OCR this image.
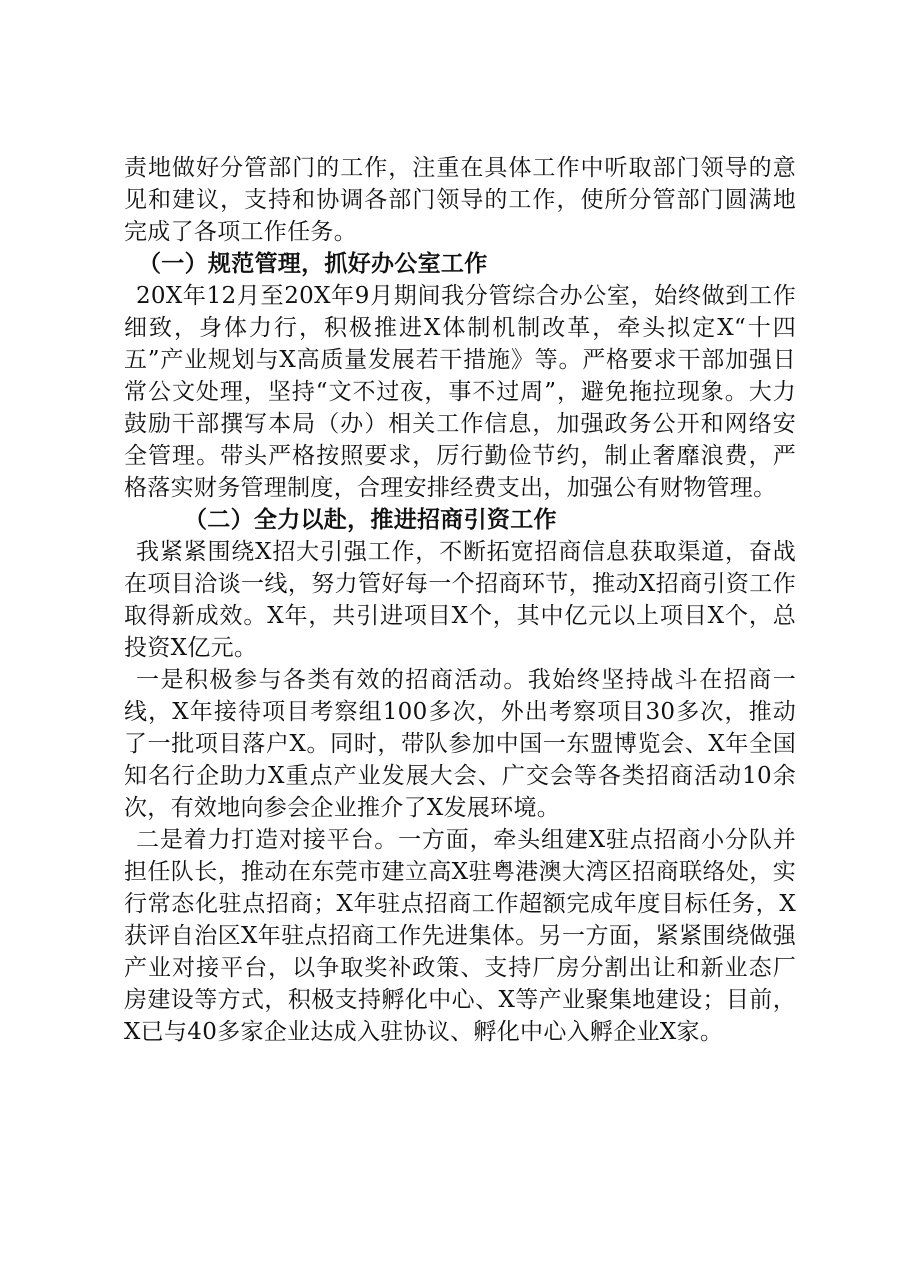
责地做好分管部门的工作，注重在具体工作中听取部门领导的意见和建议，支持和协调各部门领导的工作，使所分管部门圆满地完成了各项工作任务。

（一）规范管理，抓好办公室工作

20X年12月至20X年9月期间我分管综合办公室，始终做到工作细致，身体力行，积极推进X体制机制改革，牵头拟定X“十四五”产业规划与X高质量发展若干措施》等。严格要求干部加强日常公文处理，坚持“文不过夜，事不过周”，避免拖拉现象。大力鼓励干部撰写本局（办）相关工作信息，加强政务公开和网络安全管理。带头严格按照要求，厉行勤俭节约，制止奢靡浪费，严格落实财务管理制度，合理安排经费支出，加强公有财物管理。

（二）全力以赴，推进招商引资工作

我紧紧围绕X招大引强工作，不断拓宽招商信息获取渠道，奋战在项目洽谈一线，努力管好每一个招商环节，推动X招商引资工作取得新成效。X年，共引进项目X个，其中亿元以上项目X个，总投资X亿元。

一是积极参与各类有效的招商活动。我始终坚持战斗在招商一线，X年接待项目考察组100多次，外出考察项目30多次，推动了一批项目落户X。同时，带队参加中国一东盟博览会、X年全国知名行企助力X重点产业发展大会、广交会等各类招商活动10余次，有效地向参会企业推介了X发展环境。

二是着力打造对接平台。一方面，牵头组建X驻点招商小分队并担任队长，推动在东莞市建立高X驻粤港澳大湾区招商联络处，实行常态化驻点招商；X年驻点招商工作超额完成年度目标任务，X获评自治区X年驻点招商工作先进集体。另一方面，紧紧围绕做强产业对接平台，以争取奖补政策、支持厂房分割出让和新业态厂房建设等方式，积极支持孵化中心、X等产业聚集地建设；目前，X已与40多家企业达成入驻协议、孵化中心入孵企业X家。
